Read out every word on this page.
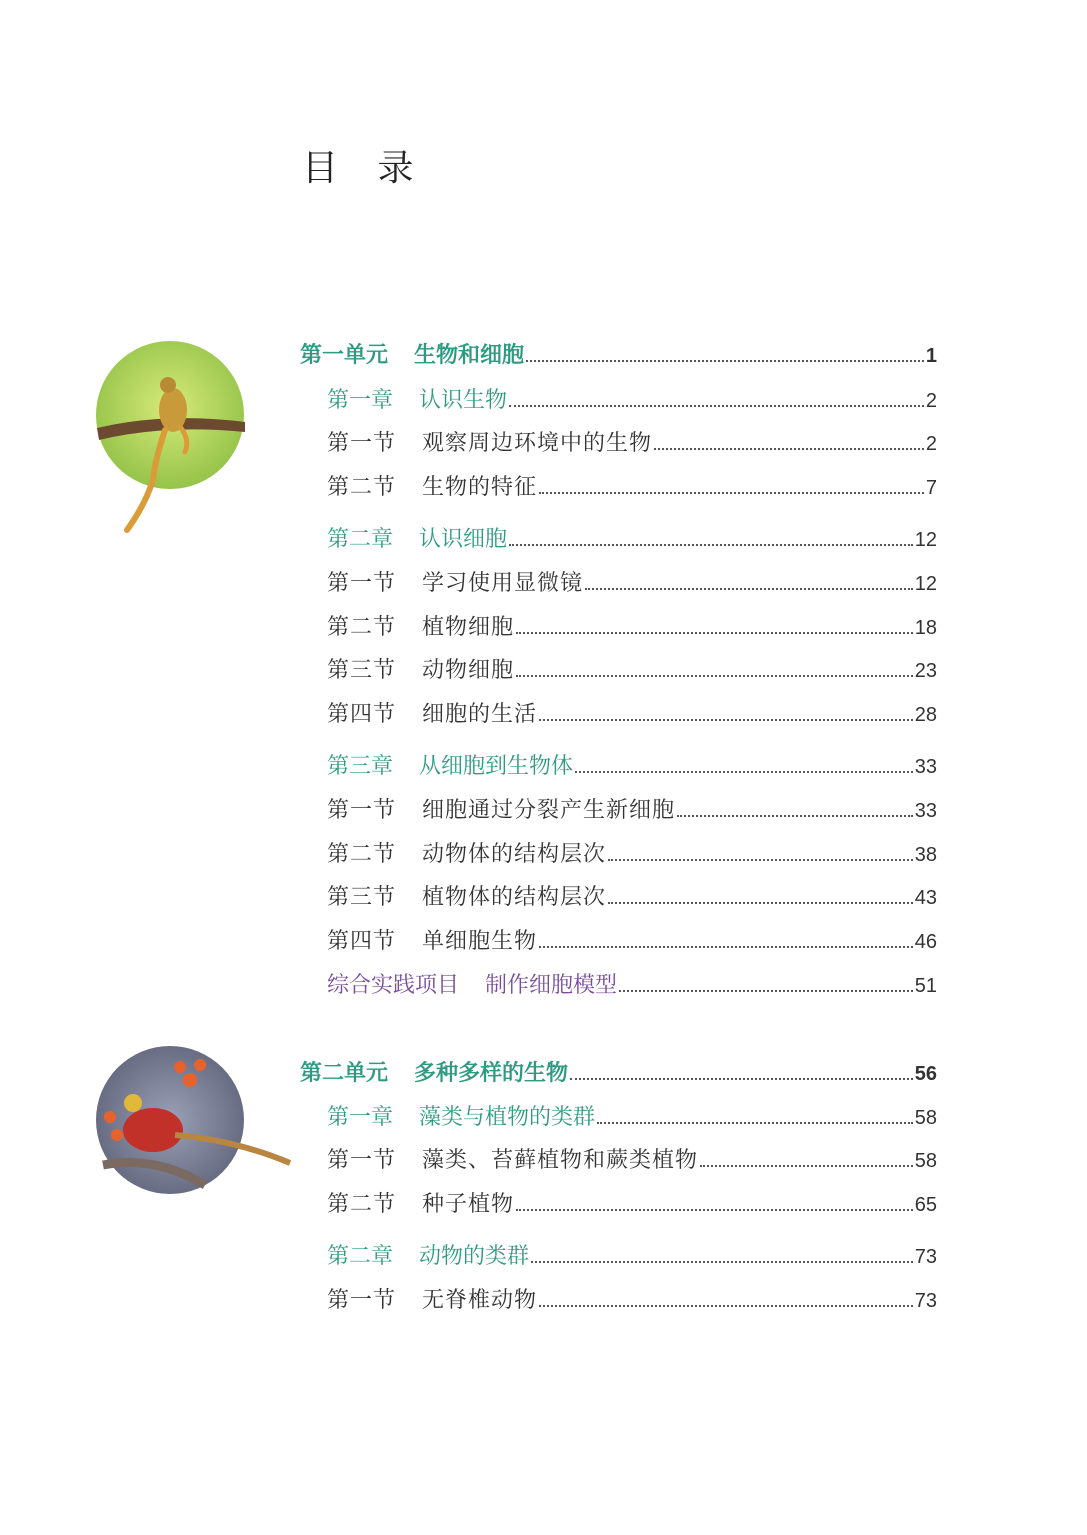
目 录
第一单元 生物和细胞	1
第一章 认识生物	2
第一节 观察周边环境中的生物	2
第二节 生物的特征	7
第二章 认识细胞	12
第一节 学习使用显微镜	12
第二节 植物细胞	18
第三节 动物细胞	23
第四节 细胞的生活	28
第三章 从细胞到生物体	33
第一节 细胞通过分裂产生新细胞	33
第二节 动物体的结构层次	38
第三节 植物体的结构层次	43
第四节 单细胞生物	46
综合实践项目 制作细胞模型	51
第二单元 多种多样的生物	56
第一章 藻类与植物的类群	58
第一节 藻类、苔藓植物和蕨类植物	58
第二节 种子植物	65
第二章 动物的类群	73
第一节 无脊椎动物	73
